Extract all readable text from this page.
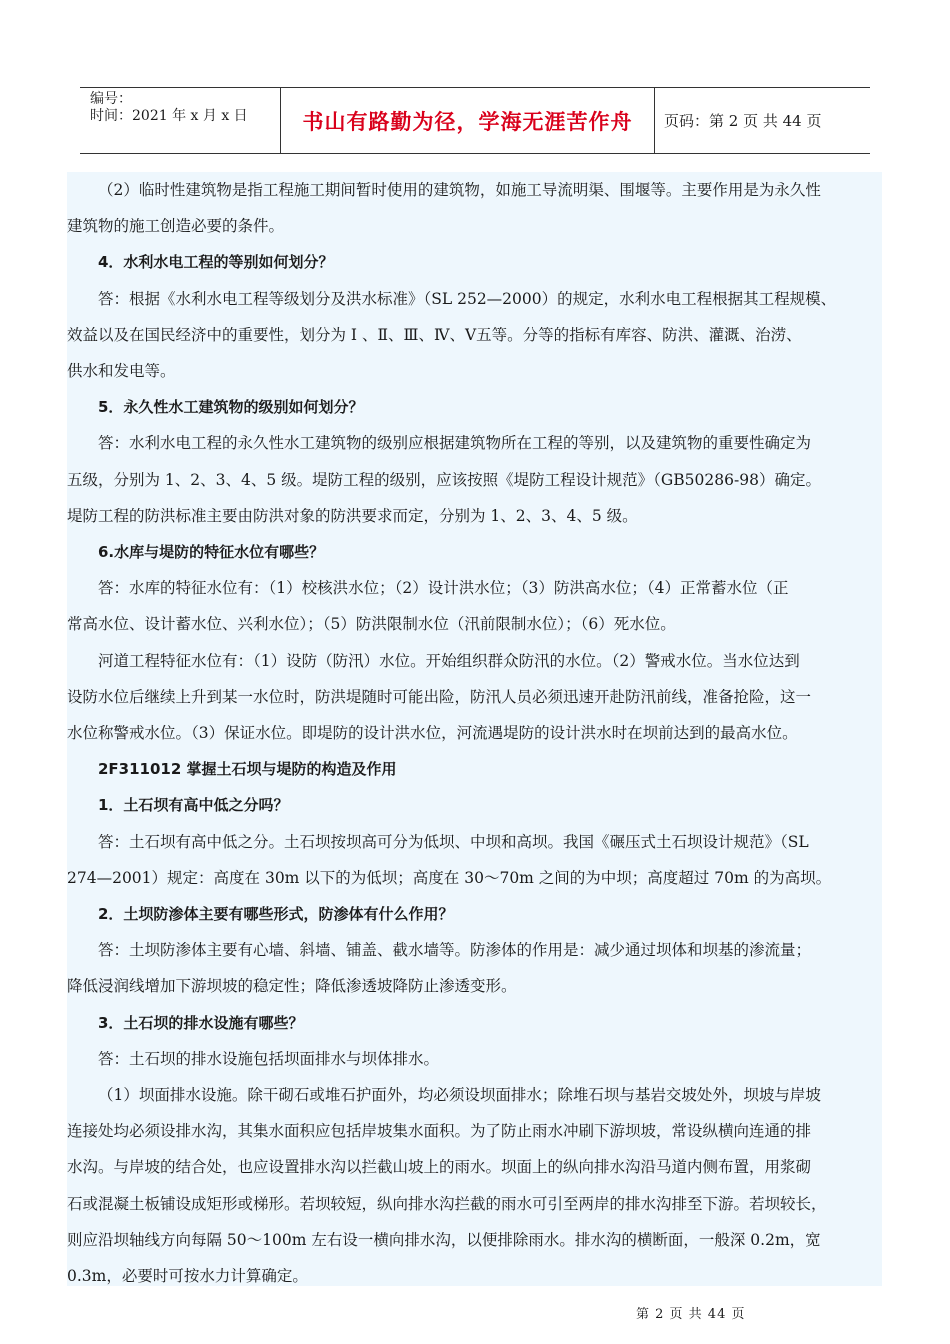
编号：
时间：2021 年 x 月 x 日	书山有路勤为径，学海无涯苦作舟	页码：第 2 页 共 44 页
（2）临时性建筑物是指工程施工期间暂时使用的建筑物，如施工导流明渠、围堰等。主要作用是为永久性
建筑物的施工创造必要的条件。
4．水利水电工程的等别如何划分？
答：根据《水利水电工程等级划分及洪水标准》（SL 252—2000）的规定，水利水电工程根据其工程规模、
效益以及在国民经济中的重要性，划分为 Ⅰ 、Ⅱ、Ⅲ、Ⅳ、Ⅴ五等。分等的指标有库容、防洪、灌溉、治涝、
供水和发电等。
5．永久性水工建筑物的级别如何划分？
答：水利水电工程的永久性水工建筑物的级别应根据建筑物所在工程的等别，以及建筑物的重要性确定为
五级，分别为 1、2、3、4、5 级。堤防工程的级别，应该按照《堤防工程设计规范》（GB50286-98）确定。
堤防工程的防洪标准主要由防洪对象的防洪要求而定，分别为 1、2、3、4、5 级。
6.水库与堤防的特征水位有哪些？
答：水库的特征水位有：（1）校核洪水位；（2）设计洪水位；（3）防洪高水位；（4）正常蓄水位（正
常高水位、设计蓄水位、兴利水位）；（5）防洪限制水位（汛前限制水位）；（6）死水位。
河道工程特征水位有：（1）设防（防汛）水位。开始组织群众防汛的水位。（2）警戒水位。当水位达到
设防水位后继续上升到某一水位时，防洪堤随时可能出险，防汛人员必须迅速开赴防汛前线，准备抢险，这一
水位称警戒水位。（3）保证水位。即堤防的设计洪水位，河流遇堤防的设计洪水时在坝前达到的最高水位。
2F311012 掌握土石坝与堤防的构造及作用
1．土石坝有高中低之分吗？
答：土石坝有高中低之分。土石坝按坝高可分为低坝、中坝和高坝。我国《碾压式土石坝设计规范》（SL
274—2001）规定：高度在 30m 以下的为低坝；高度在 30～70m 之间的为中坝；高度超过 70m 的为高坝。
2．土坝防渗体主要有哪些形式，防渗体有什么作用？
答：土坝防渗体主要有心墙、斜墙、铺盖、截水墙等。防渗体的作用是：减少通过坝体和坝基的渗流量；
降低浸润线增加下游坝坡的稳定性；降低渗透坡降防止渗透变形。
3．土石坝的排水设施有哪些？
答：土石坝的排水设施包括坝面排水与坝体排水。
（1）坝面排水设施。除干砌石或堆石护面外，均必须设坝面排水；除堆石坝与基岩交坡处外，坝坡与岸坡
连接处均必须设排水沟，其集水面积应包括岸坡集水面积。为了防止雨水冲刷下游坝坡，常设纵横向连通的排
水沟。与岸坡的结合处，也应设置排水沟以拦截山坡上的雨水。坝面上的纵向排水沟沿马道内侧布置，用浆砌
石或混凝土板铺设成矩形或梯形。若坝较短，纵向排水沟拦截的雨水可引至两岸的排水沟排至下游。若坝较长，
则应沿坝轴线方向每隔 50～100m 左右设一横向排水沟，以便排除雨水。排水沟的横断面，一般深 0.2m，宽
0.3m，必要时可按水力计算确定。
第 2 页 共 44 页
